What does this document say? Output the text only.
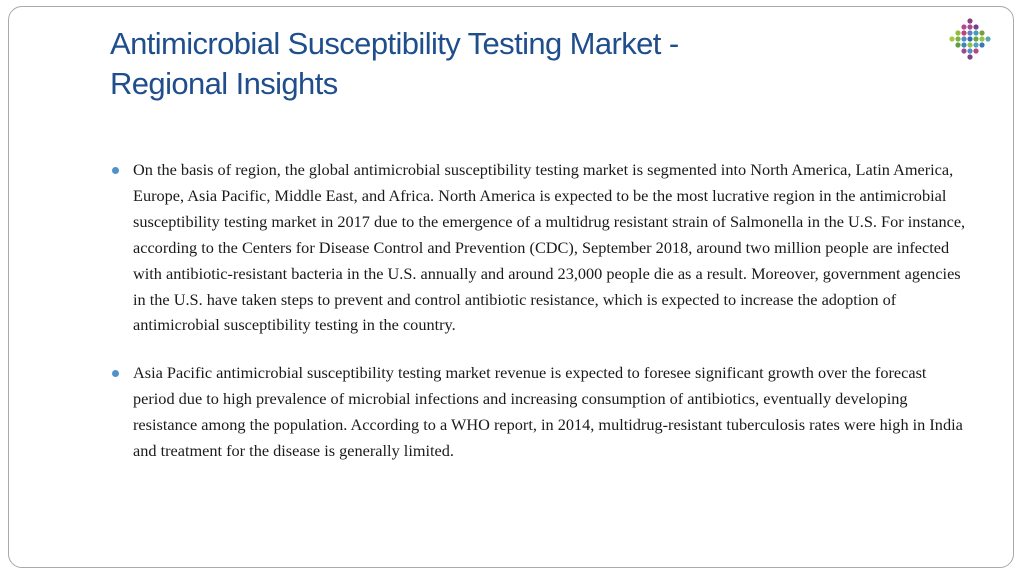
Antimicrobial Susceptibility Testing Market -
Regional Insights
On the basis of region, the global antimicrobial susceptibility testing market is segmented into North America, Latin America, Europe, Asia Pacific, Middle East, and Africa. North America is expected to be the most lucrative region in the antimicrobial susceptibility testing market in 2017 due to the emergence of a multidrug resistant strain of Salmonella in the U.S. For instance, according to the Centers for Disease Control and Prevention (CDC), September 2018, around two million people are infected with antibiotic-resistant bacteria in the U.S. annually and around 23,000 people die as a result. Moreover, government agencies in the U.S. have taken steps to prevent and control antibiotic resistance, which is expected to increase the adoption of antimicrobial susceptibility testing in the country.
Asia Pacific antimicrobial susceptibility testing market revenue is expected to foresee significant growth over the forecast period due to high prevalence of microbial infections and increasing consumption of antibiotics, eventually developing resistance among the population. According to a WHO report, in 2014, multidrug-resistant tuberculosis rates were high in India and treatment for the disease is generally limited.
